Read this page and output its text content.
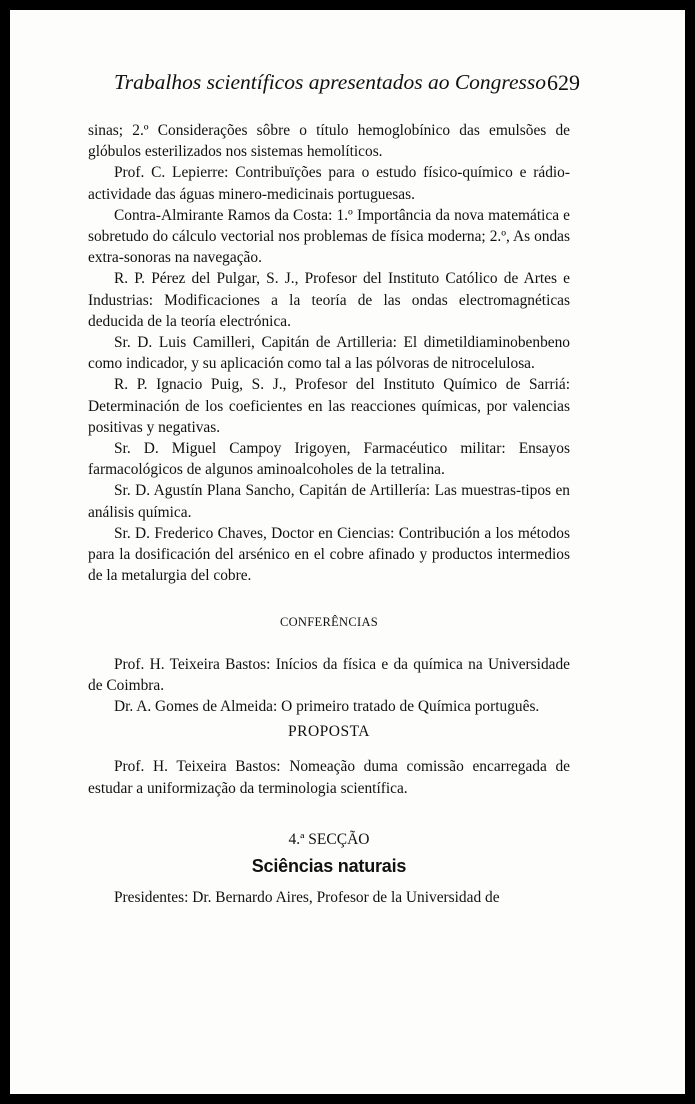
Trabalhos scientíficos apresentados ao Congresso 629

sinas; 2.º Considerações sôbre o título hemoglobínico das emulsões de glóbulos esterilizados nos sistemas hemolíticos.

Prof. C. Lepierre: Contribuïções para o estudo físico-químico e rádio-actividade das águas minero-medicinais portuguesas.

Contra-Almirante Ramos da Costa: 1.º Importância da nova matemática e sobretudo do cálculo vectorial nos problemas de física moderna; 2.º, As ondas extra-sonoras na navegação.

R. P. Pérez del Pulgar, S. J., Profesor del Instituto Católico de Artes e Industrias: Modificaciones a la teoría de las ondas electromagnéticas deducida de la teoría electrónica.

Sr. D. Luis Camilleri, Capitán de Artilleria: El dimetildiaminobenbeno como indicador, y su aplicación como tal a las pólvoras de nitrocelulosa.

R. P. Ignacio Puig, S. J., Profesor del Instituto Químico de Sarriá: Determinación de los coeficientes en las reacciones químicas, por valencias positivas y negativas.

Sr. D. Miguel Campoy Irigoyen, Farmacéutico militar: Ensayos farmacológicos de algunos aminoalcoholes de la tetralina.

Sr. D. Agustín Plana Sancho, Capitán de Artillería: Las muestras-tipos en análisis química.

Sr. D. Frederico Chaves, Doctor en Ciencias: Contribución a los métodos para la dosificación del arsénico en el cobre afinado y productos intermedios de la metalurgia del cobre.

CONFERÊNCIAS

Prof. H. Teixeira Bastos: Inícios da física e da química na Universidade de Coimbra.

Dr. A. Gomes de Almeida: O primeiro tratado de Química português.

PROPOSTA

Prof. H. Teixeira Bastos: Nomeação duma comissão encarregada de estudar a uniformização da terminologia scientífica.

4.ª SECÇÃO

Sciências naturais

Presidentes: Dr. Bernardo Aires, Profesor de la Universidad de
